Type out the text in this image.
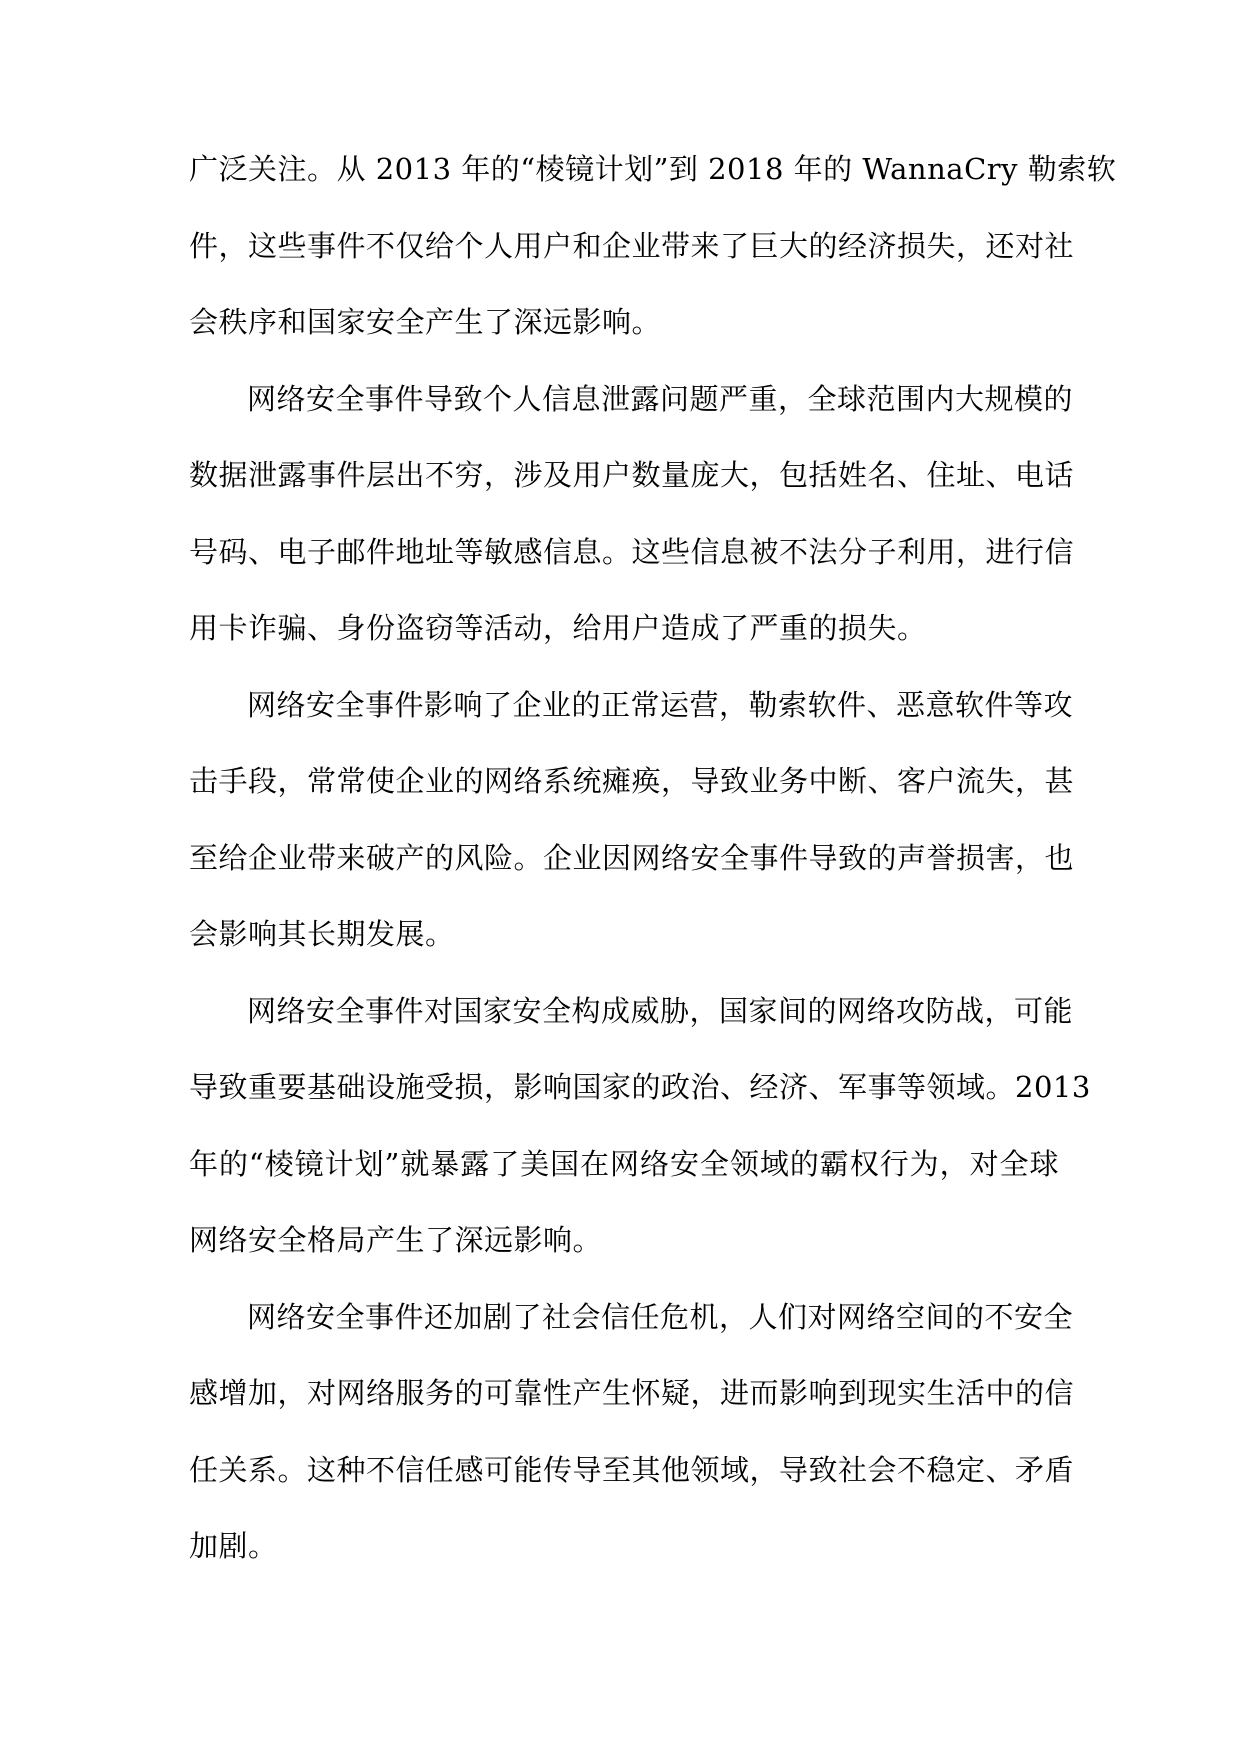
广泛关注。从 2013 年的“棱镜计划”到 2018 年的 WannaCry 勒索软
件，这些事件不仅给个人用户和企业带来了巨大的经济损失，还对社
会秩序和国家安全产生了深远影响。
网络安全事件导致个人信息泄露问题严重，全球范围内大规模的
数据泄露事件层出不穷，涉及用户数量庞大，包括姓名、住址、电话
号码、电子邮件地址等敏感信息。这些信息被不法分子利用，进行信
用卡诈骗、身份盗窃等活动，给用户造成了严重的损失。
网络安全事件影响了企业的正常运营，勒索软件、恶意软件等攻
击手段，常常使企业的网络系统瘫痪，导致业务中断、客户流失，甚
至给企业带来破产的风险。企业因网络安全事件导致的声誉损害，也
会影响其长期发展。
网络安全事件对国家安全构成威胁，国家间的网络攻防战，可能
导致重要基础设施受损，影响国家的政治、经济、军事等领域。2013
年的“棱镜计划”就暴露了美国在网络安全领域的霸权行为，对全球
网络安全格局产生了深远影响。
网络安全事件还加剧了社会信任危机，人们对网络空间的不安全
感增加，对网络服务的可靠性产生怀疑，进而影响到现实生活中的信
任关系。这种不信任感可能传导至其他领域，导致社会不稳定、矛盾
加剧。
